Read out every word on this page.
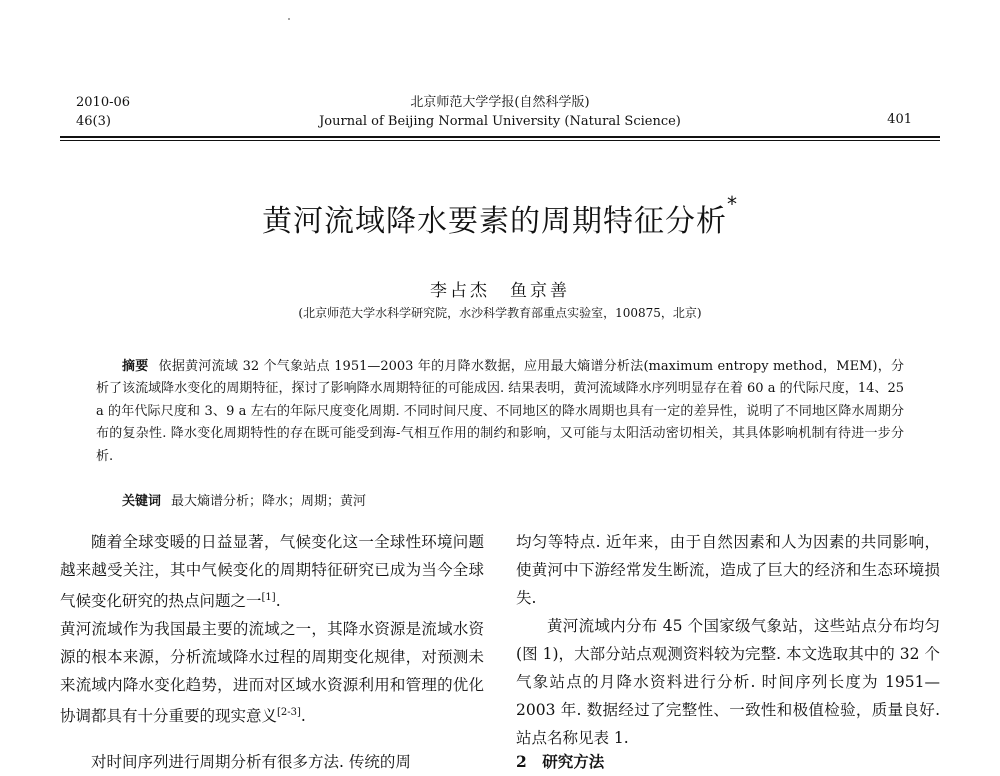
2010-06
46(3)
北京师范大学学报(自然科学版)
Journal of Beijing Normal University (Natural Science)	401
黄河流域降水要素的周期特征分析*
李占杰　鱼京善
(北京师范大学水科学研究院，水沙科学教育部重点实验室，100875，北京)
摘要 依据黄河流域 32 个气象站点 1951—2003 年的月降水数据，应用最大熵谱分析法(maximum entropy method，MEM)，分析了该流域降水变化的周期特征，探讨了影响降水周期特征的可能成因. 结果表明，黄河流域降水序列明显存在着 60 a 的代际尺度，14、25 a 的年代际尺度和 3、9 a 左右的年际尺度变化周期. 不同时间尺度、不同地区的降水周期也具有一定的差异性，说明了不同地区降水周期分布的复杂性. 降水变化周期特性的存在既可能受到海-气相互作用的制约和影响，又可能与太阳活动密切相关，其具体影响机制有待进一步分析.
关键词 最大熵谱分析；降水；周期；黄河

随着全球变暖的日益显著，气候变化这一全球性环境问题越来越受关注，其中气候变化的周期特征研究已成为当今全球气候变化研究的热点问题之一[1].

黄河流域作为我国最主要的流域之一，其降水资源是流域水资源的根本来源，分析流域降水过程的周期变化规律，对预测未来流域内降水变化趋势，进而对区域水资源利用和管理的优化协调都具有十分重要的现实意义[2-3].

　　对时间序列进行周期分析有很多方法. 传统的周

均匀等特点. 近年来，由于自然因素和人为因素的共同影响，使黄河中下游经常发生断流，造成了巨大的经济和生态环境损失.

黄河流域内分布 45 个国家级气象站，这些站点分布均匀(图 1)，大部分站点观测资料较为完整. 本文选取其中的 32 个气象站点的月降水资料进行分析. 时间序列长度为 1951—2003 年. 数据经过了完整性、一致性和极值检验，质量良好. 站点名称见表 1.

2　研究方法
